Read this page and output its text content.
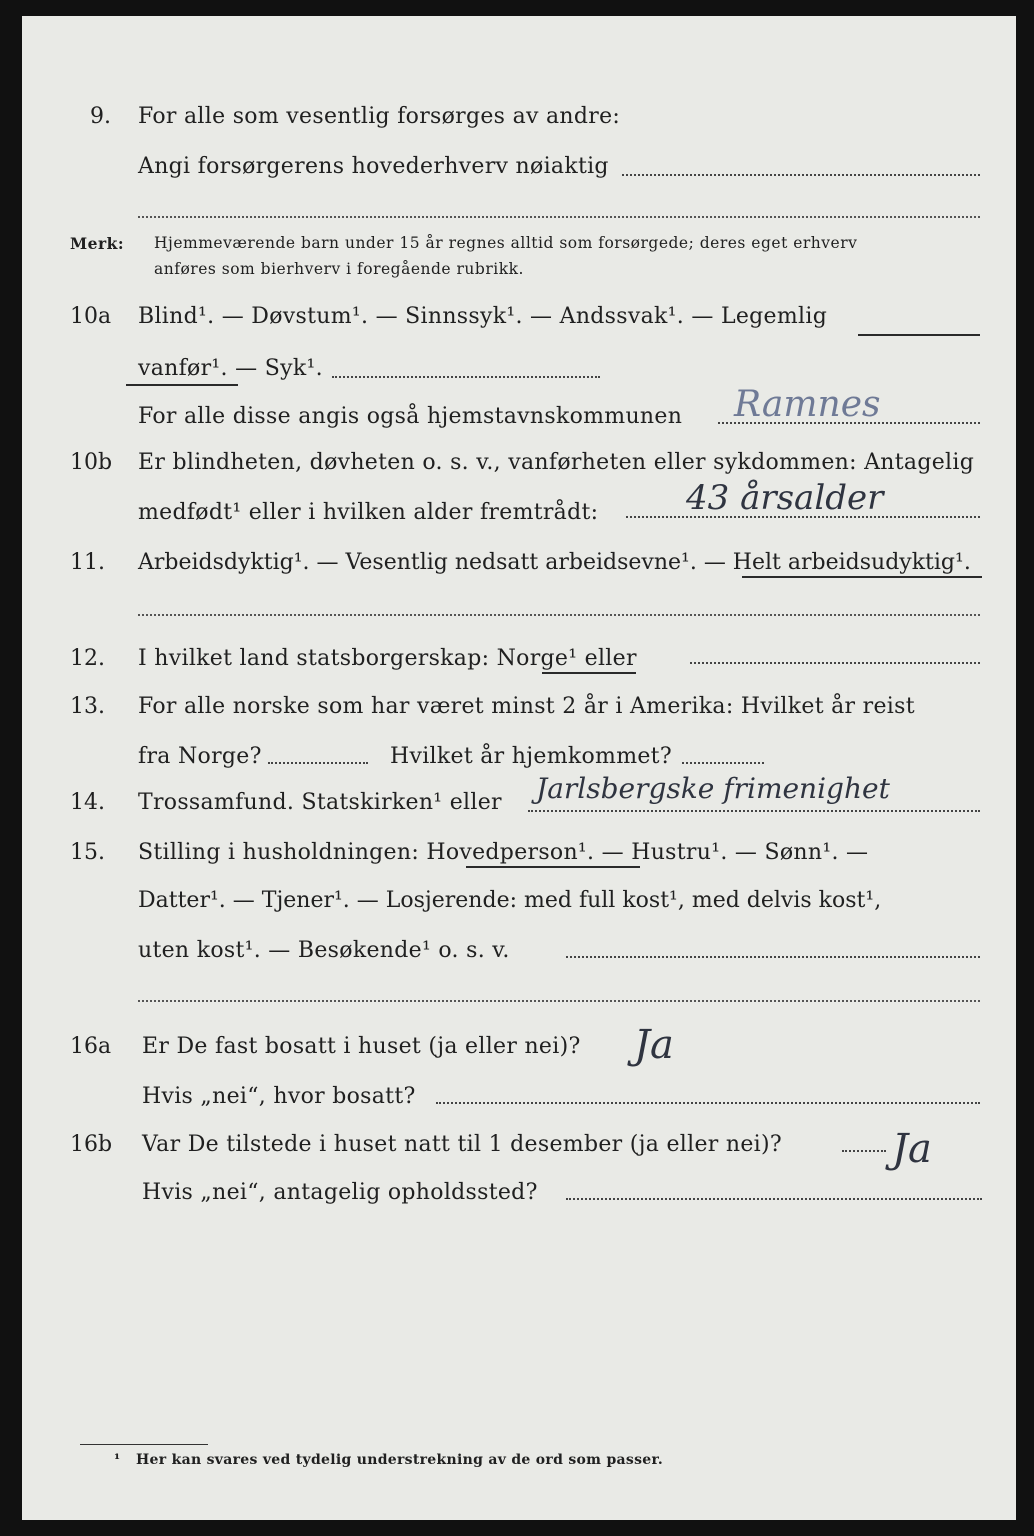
9. For alle som vesentlig forsørges av andre:
Angi forsørgerens hovederhverv nøiaktig
Merk: Hjemmeværende barn under 15 år regnes alltid som forsørgede; deres eget erhverv
anføres som bierhverv i foregående rubrikk.
10a Blind¹. — Døvstum¹. — Sinnssyk¹. — Andssvak¹. — Legemlig
vanfør¹. — Syk¹.
For alle disse angis også hjemstavnskommunen Ramnes
10b Er blindheten, døvheten o. s. v., vanførheten eller sykdommen: Antagelig
medfødt¹ eller i hvilken alder fremtrådt:	43 årsalder
11. Arbeidsdyktig¹. — Vesentlig nedsatt arbeidsevne¹. — Helt arbeidsudyktig¹.
12. I hvilket land statsborgerskap: Norge¹ eller
13. For alle norske som har været minst 2 år i Amerika: Hvilket år reist
fra Norge?	Hvilket år hjemkommet?
14. Trossamfund. Statskirken¹ eller Jarlsbergske frimenighet
15. Stilling i husholdningen: Hovedperson¹. — Hustru¹. — Sønn¹. —
Datter¹. — Tjener¹. — Losjerende: med full kost¹, med delvis kost¹,
uten kost¹. — Besøkende¹ o. s. v.
16a Er De fast bosatt i huset (ja eller nei)? Ja
Hvis „nei“, hvor bosatt?
16b Var De tilstede i huset natt til 1 desember (ja eller nei)?	Ja
Hvis „nei“, antagelig opholdssted?
¹ Her kan svares ved tydelig understrekning av de ord som passer.
